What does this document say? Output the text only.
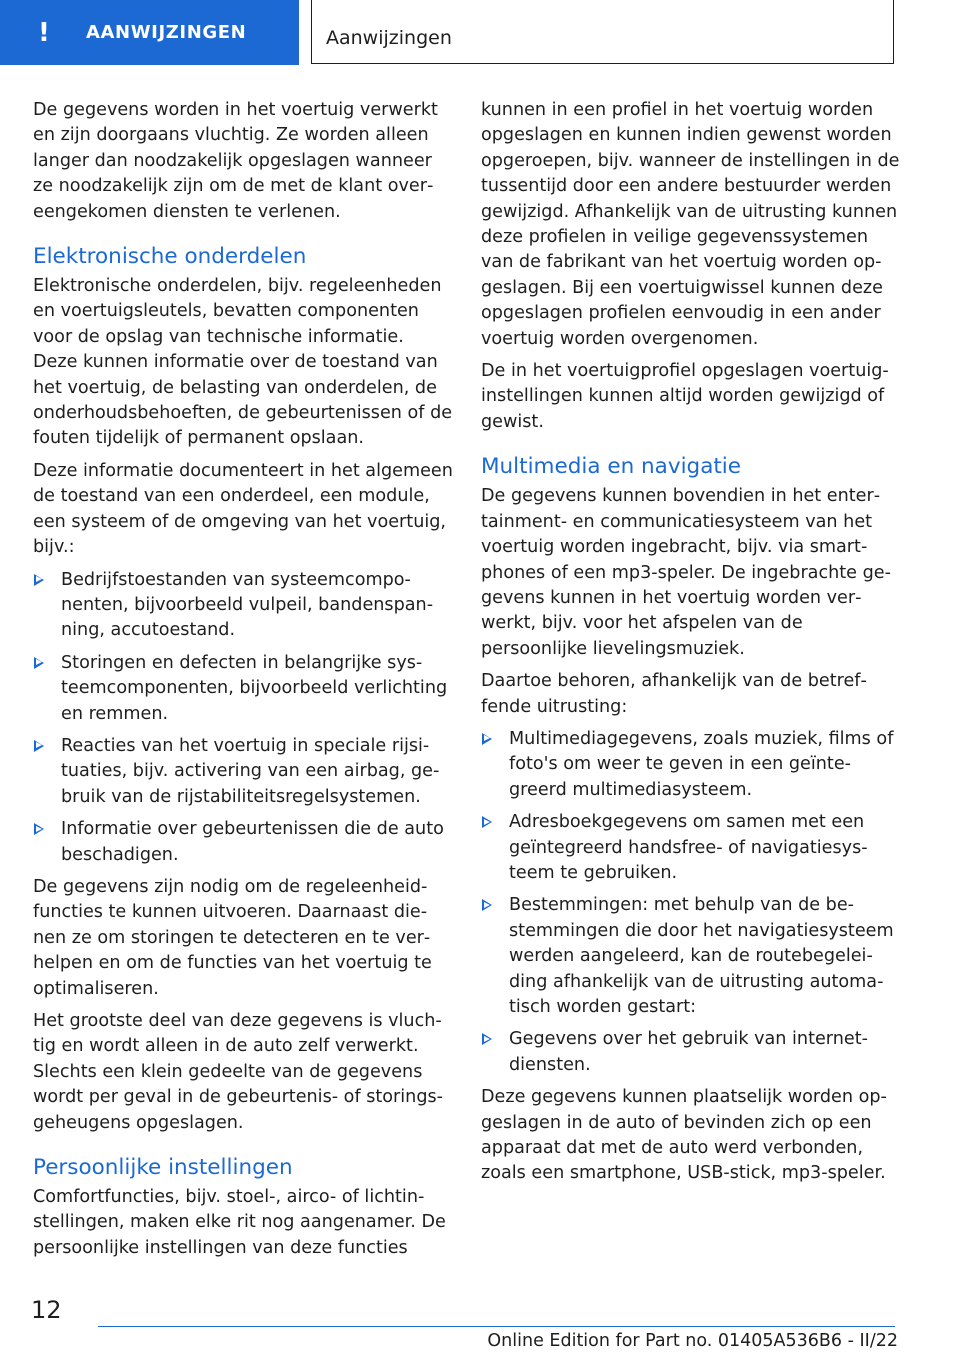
!	AANWIJZINGEN	Aanwijzingen

De gegevens worden in het voertuig verwerkt en zijn doorgaans vluchtig. Ze worden alleen langer dan noodzakelijk opgeslagen wanneer ze noodzakelijk zijn om de met de klant overeengekomen diensten te verlenen.

Elektronische onderdelen

Elektronische onderdelen, bijv. regeleenheden en voertuigsleutels, bevatten componenten voor de opslag van technische informatie. Deze kunnen informatie over de toestand van het voertuig, de belasting van onderdelen, de onderhoudsbehoeften, de gebeurtenissen of de fouten tijdelijk of permanent opslaan.

Deze informatie documenteert in het algemeen de toestand van een onderdeel, een module, een systeem of de omgeving van het voertuig, bijv.:

Bedrijfstoestanden van systeemcomponenten, bijvoorbeeld vulpeil, bandenspanning, accutoestand.
Storingen en defecten in belangrijke systeemcomponenten, bijvoorbeeld verlichting en remmen.
Reacties van het voertuig in speciale rijsituaties, bijv. activering van een airbag, gebruik van de rijstabiliteitsregelsystemen.
Informatie over gebeurtenissen die de auto beschadigen.

De gegevens zijn nodig om de regeleenheidfuncties te kunnen uitvoeren. Daarnaast dienen ze om storingen te detecteren en te verhelpen en om de functies van het voertuig te optimaliseren.

Het grootste deel van deze gegevens is vluchtig en wordt alleen in de auto zelf verwerkt. Slechts een klein gedeelte van de gegevens wordt per geval in de gebeurtenis- of storingsgeheugens opgeslagen.

Persoonlijke instellingen

Comfortfuncties, bijv. stoel-, airco- of lichtinstellingen, maken elke rit nog aangenamer. De persoonlijke instellingen van deze functies

kunnen in een profiel in het voertuig worden opgeslagen en kunnen indien gewenst worden opgeroepen, bijv. wanneer de instellingen in de tussentijd door een andere bestuurder werden gewijzigd. Afhankelijk van de uitrusting kunnen deze profielen in veilige gegevenssystemen van de fabrikant van het voertuig worden opgeslagen. Bij een voertuigwissel kunnen deze opgeslagen profielen eenvoudig in een ander voertuig worden overgenomen.

De in het voertuigprofiel opgeslagen voertuiginstellingen kunnen altijd worden gewijzigd of gewist.

Multimedia en navigatie

De gegevens kunnen bovendien in het entertainment- en communicatiesysteem van het voertuig worden ingebracht, bijv. via smartphones of een mp3-speler. De ingebrachte gegevens kunnen in het voertuig worden verwerkt, bijv. voor het afspelen van de persoonlijke lievelingsmuziek.

Daartoe behoren, afhankelijk van de betreffende uitrusting:

Multimediagegevens, zoals muziek, films of foto's om weer te geven in een geïntegreerd multimediasysteem.
Adresboekgegevens om samen met een geïntegreerd handsfree- of navigatiesysteem te gebruiken.
Bestemmingen: met behulp van de bestemmingen die door het navigatiesysteem werden aangeleerd, kan de routebegeleiding afhankelijk van de uitrusting automatisch worden gestart:
Gegevens over het gebruik van internetdiensten.

Deze gegevens kunnen plaatselijk worden opgeslagen in de auto of bevinden zich op een apparaat dat met de auto werd verbonden, zoals een smartphone, USB-stick, mp3-speler.

12
Online Edition for Part no. 01405A536B6 - II/22
